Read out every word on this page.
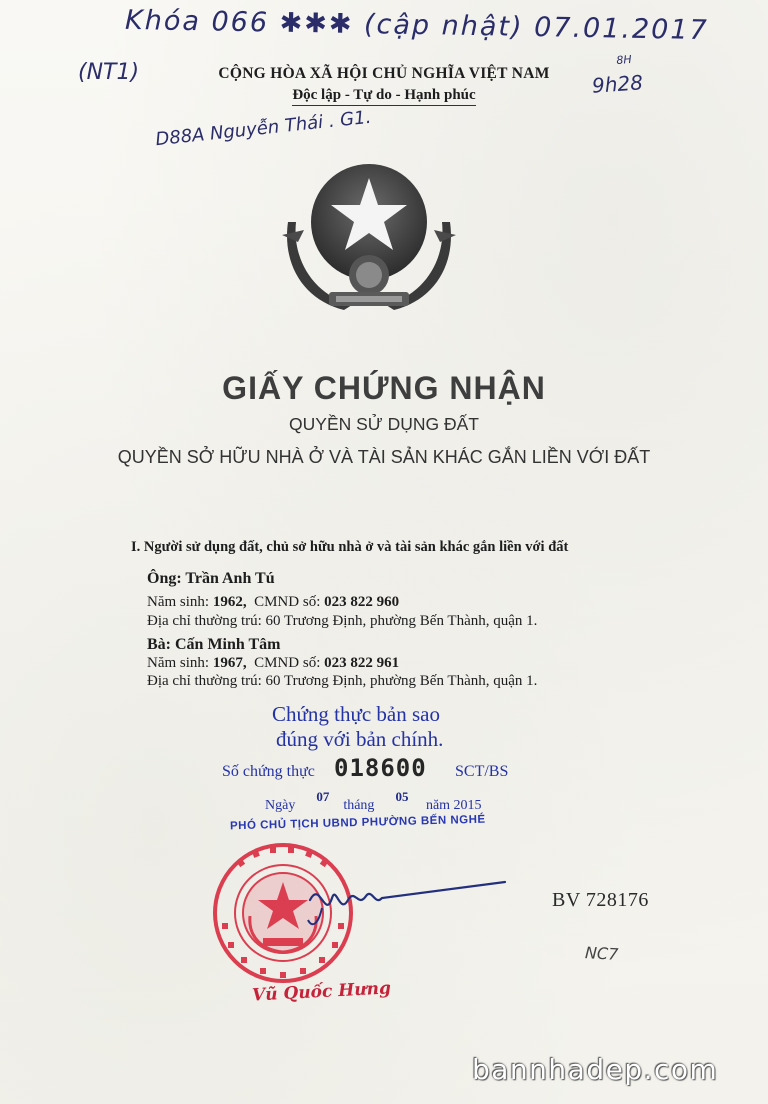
Khóa 066 ✱✱✱ (cập nhật) 07.01.2017
(NT1)
8H
9h28
D88A Nguyễn Thái . G1.
CỘNG HÒA XÃ HỘI CHỦ NGHĨA VIỆT NAM
Độc lập - Tự do - Hạnh phúc
GIẤY CHỨNG NHẬN
QUYỀN SỬ DỤNG ĐẤT
QUYỀN SỞ HỮU NHÀ Ở VÀ TÀI SẢN KHÁC GẮN LIỀN VỚI ĐẤT
I. Người sử dụng đất, chủ sở hữu nhà ở và tài sản khác gắn liền với đất
Ông: Trần Anh Tú
Năm sinh: 1962, CMND số: 023 822 960
Địa chỉ thường trú: 60 Trương Định, phường Bến Thành, quận 1.
Bà: Cấn Minh Tâm
Năm sinh: 1967, CMND số: 023 822 961
Địa chỉ thường trú: 60 Trương Định, phường Bến Thành, quận 1.
Chứng thực bản sao
đúng với bản chính.
Số chứng thực 018600 SCT/BS
Ngày      07    tháng      05     năm 2015
PHÓ CHỦ TỊCH UBND PHƯỜNG BẾN NGHÉ
Vũ Quốc Hưng
BV 728176
NC7
bannhadep.com
